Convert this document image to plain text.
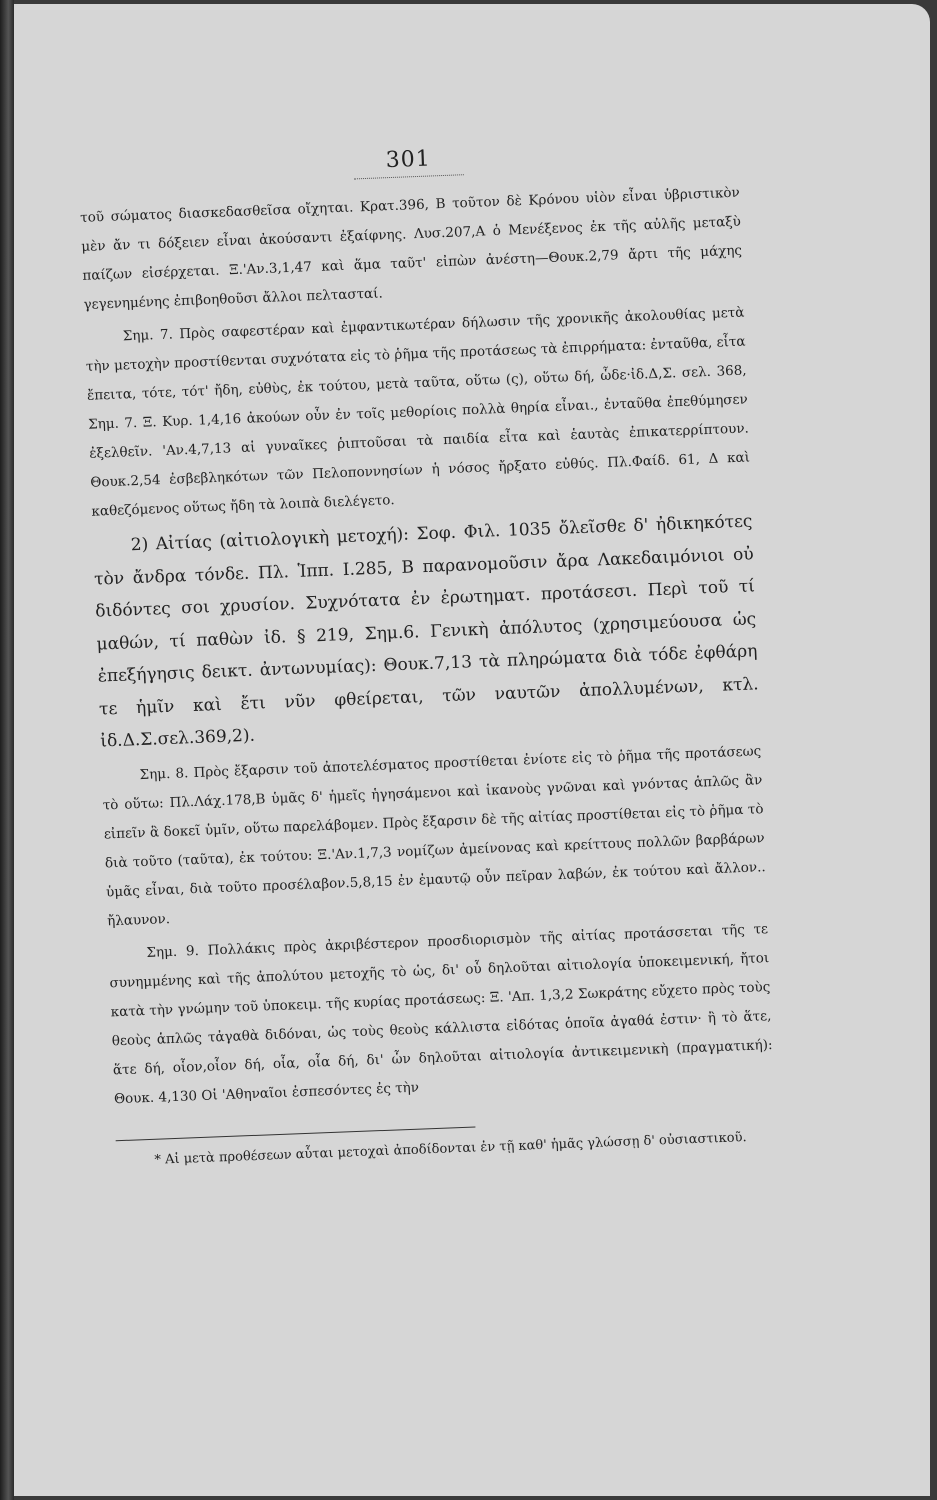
301

τοῦ σώματος διασκεδασθεῖσα οἴχηται. Κρατ.396, Β τοῦτον δὲ Κρόνου υἱὸν εἶναι ὑβριστικὸν μὲν ἄν τι δόξειεν εἶναι ἀκούσαντι ἐξαίφνης. Λυσ.207,Α ὁ Μενέξενος ἐκ τῆς αὐλῆς μεταξὺ παίζων εἰσέρχεται. Ξ.'Αν.3,1,47 καὶ ἅμα ταῦτ' εἰπὼν ἀνέστη—Θουκ.2,79 ἄρτι τῆς μάχης γεγενημένης ἐπιβοηθοῦσι ἄλλοι πελτασταί.

Σημ. 7. Πρὸς σαφεστέραν καὶ ἐμφαντικωτέραν δήλωσιν τῆς χρονικῆς ἀκολουθίας μετὰ τὴν μετοχὴν προστίθενται συχνότατα εἰς τὸ ῥῆμα τῆς προτάσεως τὰ ἐπιρρήματα: ἐνταῦθα, εἶτα ἔπειτα, τότε, τότ' ἤδη, εὐθὺς, ἐκ τούτου, μετὰ ταῦτα, οὕτω (ς), οὕτω δή, ὧδε·ἰδ.Δ,Σ. σελ. 368, Σημ. 7. Ξ. Κυρ. 1,4,16 ἀκούων οὖν ἐν τοῖς μεθορίοις πολλὰ θηρία εἶναι., ἐνταῦθα ἐπεθύμησεν ἐξελθεῖν. 'Αν.4,7,13 αἱ γυναῖκες ῥιπτοῦσαι τὰ παιδία εἶτα καὶ ἑαυτὰς ἐπικατερρίπτουν. Θουκ.2,54 ἐσβεβληκότων τῶν Πελοποννησίων ἡ νόσος ἤρξατο εὐθύς. Πλ.Φαίδ. 61, Δ καὶ καθεζόμενος οὕτως ἤδη τὰ λοιπὰ διελέγετο.

2) Αἰτίας (αἰτιολογικὴ μετοχή): Σοφ. Φιλ. 1035 ὄλεῖσθε δ' ἠδικηκότες τὸν ἄνδρα τόνδε. Πλ. Ἱππ. Ι.285, Β παρανομοῦσιν ἄρα Λακεδαιμόνιοι οὐ διδόντες σοι χρυσίον. Συχνότατα ἐν ἐρωτηματ. προτάσεσι. Περὶ τοῦ τί μαθών, τί παθὼν ἰδ. § 219, Σημ.6. Γενικὴ ἀπόλυτος (χρησιμεύουσα ὡς ἐπεξήγησις δεικτ. ἀντωνυμίας): Θουκ.7,13 τὰ πληρώματα διὰ τόδε ἐφθάρη τε ἡμῖν καὶ ἔτι νῦν φθείρεται, τῶν ναυτῶν ἀπολλυμένων, κτλ. ἰδ.Δ.Σ.σελ.369,2).

Σημ. 8. Πρὸς ἔξαρσιν τοῦ ἀποτελέσματος προστίθεται ἐνίοτε εἰς τὸ ῥῆμα τῆς προτάσεως τὸ οὕτω: Πλ.Λάχ.178,Β ὑμᾶς δ' ἡμεῖς ἡγησάμενοι καὶ ἱκανοὺς γνῶναι καὶ γνόντας ἁπλῶς ἂν εἰπεῖν ἃ δοκεῖ ὑμῖν, οὕτω παρελάβομεν. Πρὸς ἔξαρσιν δὲ τῆς αἰτίας προστίθεται εἰς τὸ ῥῆμα τὸ διὰ τοῦτο (ταῦτα), ἐκ τούτου: Ξ.'Αν.1,7,3 νομίζων ἀμείνονας καὶ κρείττους πολλῶν βαρβάρων ὑμᾶς εἶναι, διὰ τοῦτο προσέλαβον.5,8,15 ἐν ἐμαυτῷ οὖν πεῖραν λαβών, ἐκ τούτου καὶ ἄλλον.. ἤλαυνον.

Σημ. 9. Πολλάκις πρὸς ἀκριβέστερον προσδιορισμὸν τῆς αἰτίας προτάσσεται τῆς τε συνημμένης καὶ τῆς ἀπολύτου μετοχῆς τὸ ὡς, δι' οὗ δηλοῦται αἰτιολογία ὑποκειμενική, ἤτοι κατὰ τὴν γνώμην τοῦ ὑποκειμ. τῆς κυρίας προτάσεως: Ξ. 'Απ. 1,3,2 Σωκράτης εὔχετο πρὸς τοὺς θεοὺς ἁπλῶς τἀγαθὰ διδόναι, ὡς τοὺς θεοὺς κάλλιστα εἰδότας ὁποῖα ἀγαθά ἐστιν· ἢ τὸ ἅτε, ἅτε δή, οἷον,οἷον δή, οἷα, οἷα δή, δι' ὧν δηλοῦται αἰτιολογία ἀντικειμενικὴ (πραγματική): Θουκ. 4,130 Οἱ 'Αθηναῖοι ἐσπεσόντες ἐς τὴν

* Αἱ μετὰ προθέσεων αὗται μετοχαὶ ἀποδίδονται ἐν τῇ καθ' ἡμᾶς γλώσσῃ δ' οὐσιαστικοῦ.
